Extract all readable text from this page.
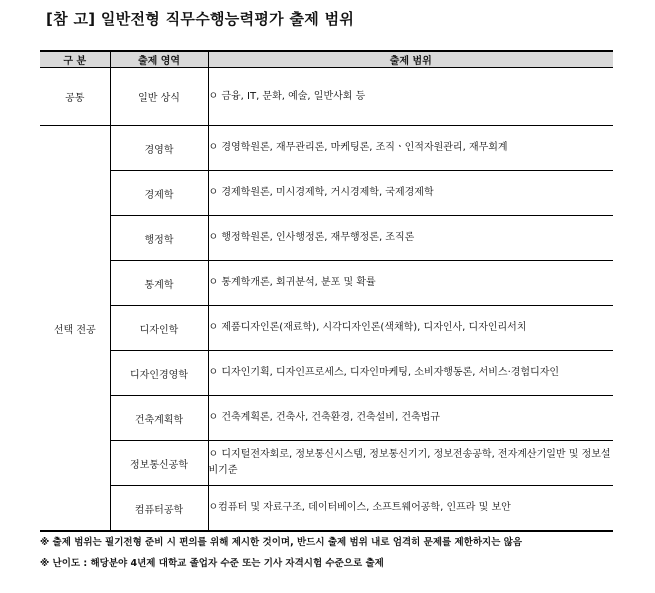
[참 고] 일반전형 직무수행능력평가 출제 범위
구 분	출제 영역	출제 범위
공통	일반 상식	ㅇ 금융, IT, 문화, 예술, 일반사회 등
선택 전공	경영학	ㅇ 경영학원론, 재무관리론, 마케팅론, 조직ㆍ인적자원관리, 재무회계
	경제학	ㅇ 경제학원론, 미시경제학, 거시경제학, 국제경제학
	행정학	ㅇ 행정학원론, 인사행정론, 재무행정론, 조직론
	통계학	ㅇ 통계학개론, 회귀분석, 분포 및 확률
	디자인학	ㅇ 제품디자인론(재료학), 시각디자인론(색채학), 디자인사, 디자인리서치
	디자인경영학	ㅇ 디자인기획, 디자인프로세스, 디자인마케팅, 소비자행동론, 서비스·경험디자인
	건축계획학	ㅇ 건축계획론, 건축사, 건축환경, 건축설비, 건축법규
	정보통신공학	ㅇ 디지털전자회로, 정보통신시스템, 정보통신기기, 정보전송공학, 전자계산기일반 및 정보설비기준
	컴퓨터공학	ㅇ컴퓨터 및 자료구조, 데이터베이스, 소프트웨어공학, 인프라 및 보안
※ 출제 범위는 필기전형 준비 시 편의를 위해 제시한 것이며, 반드시 출제 범위 내로 엄격히 문제를 제한하지는 않음
※ 난이도 : 해당분야 4년제 대학교 졸업자 수준 또는 기사 자격시험 수준으로 출제
